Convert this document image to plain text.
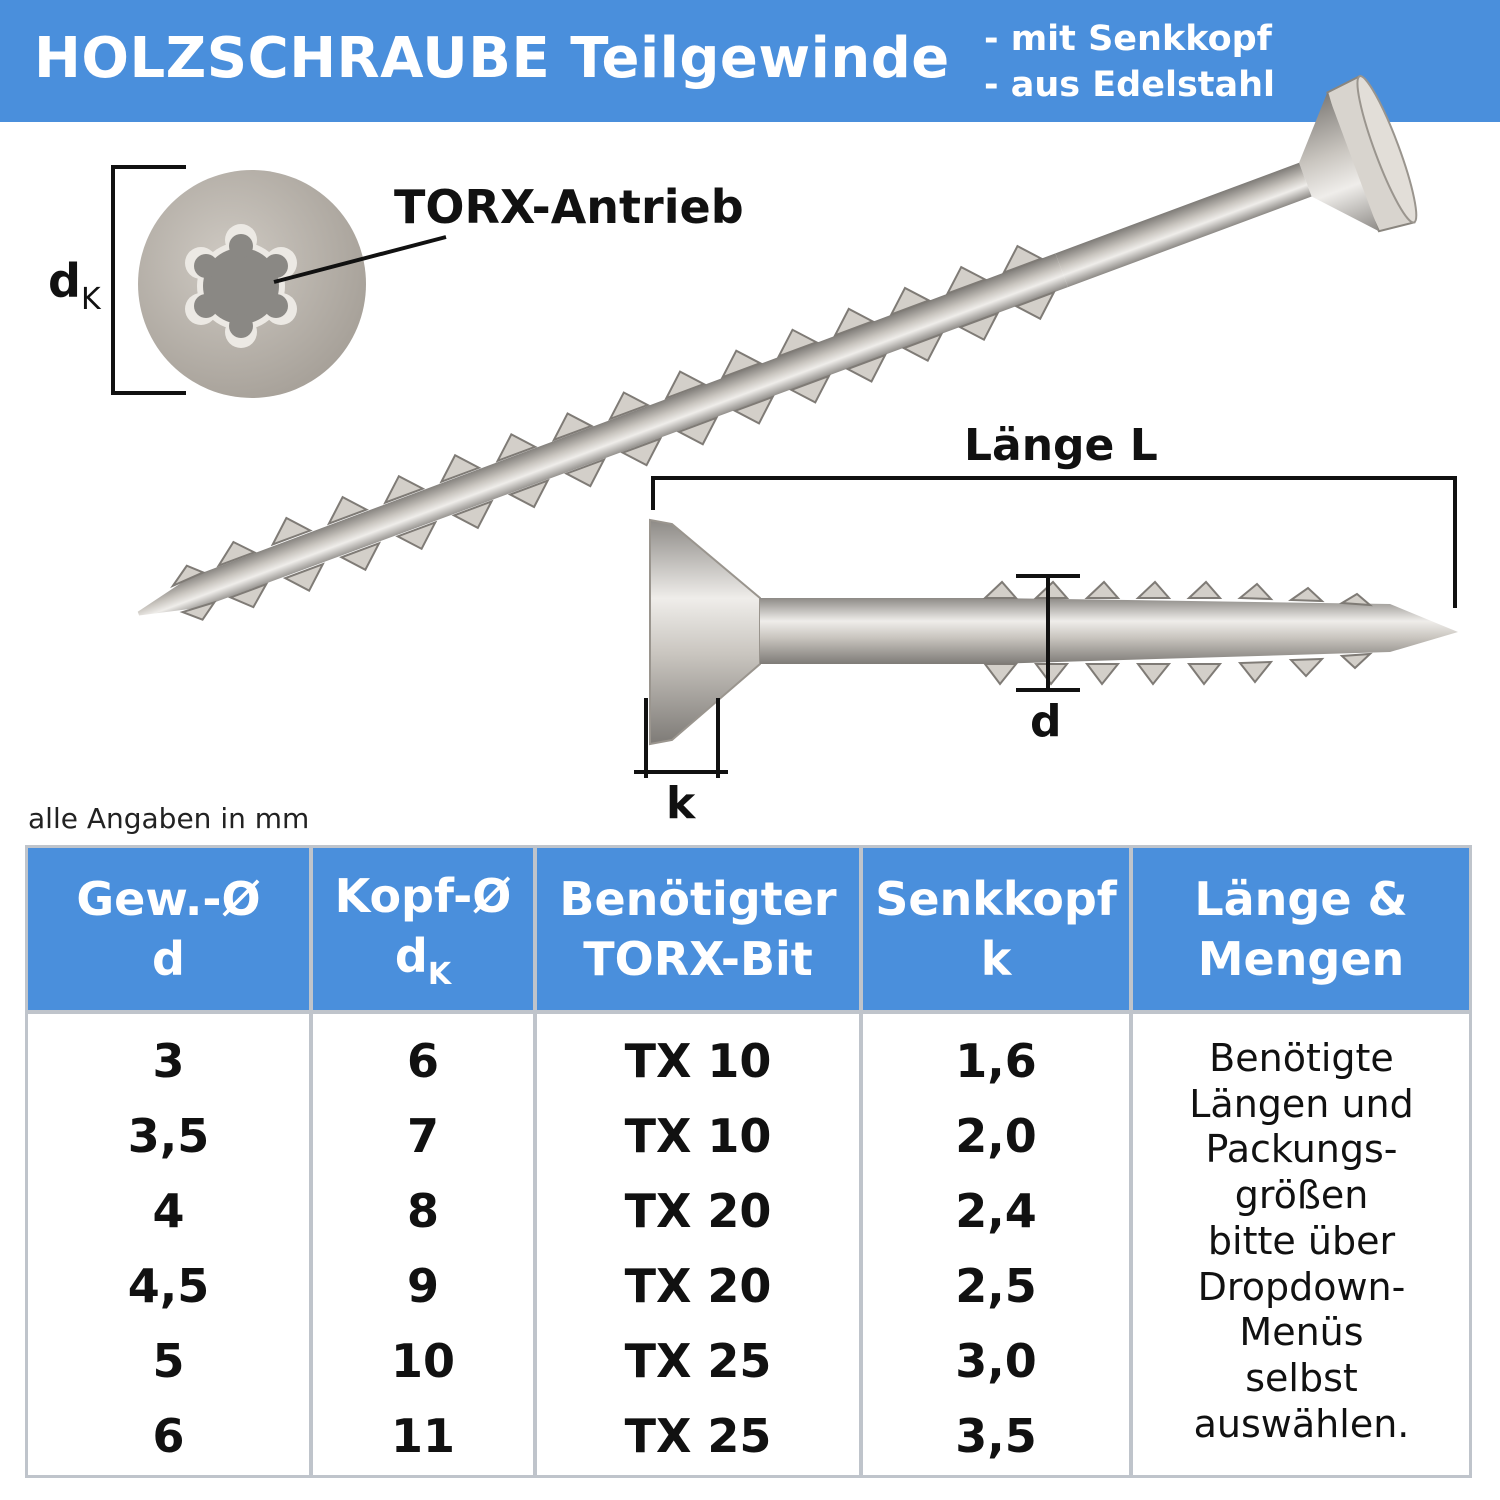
HOLZSCHRAUBE Teilgewinde - mit Senkkopf
- aus Edelstahl
TORX-Antrieb
Länge L
$d_K$
d
k
alle Angaben in mm
Gew.-Ø
d
Kopf-Ø
$d_K$
Benötigter
TORX-Bit
Senkkopf
k
Länge &
Mengen
3
3,5
4
4,5
5
6
6
7
8
9
10
11
TX 10
TX 10
TX 20
TX 20
TX 25
TX 25
1,6
2,0
2,4
2,5
3,0
3,5
Benötigte
Längen und
Packungs-
größen
bitte über
Dropdown-
Menüs
selbst
auswählen.
